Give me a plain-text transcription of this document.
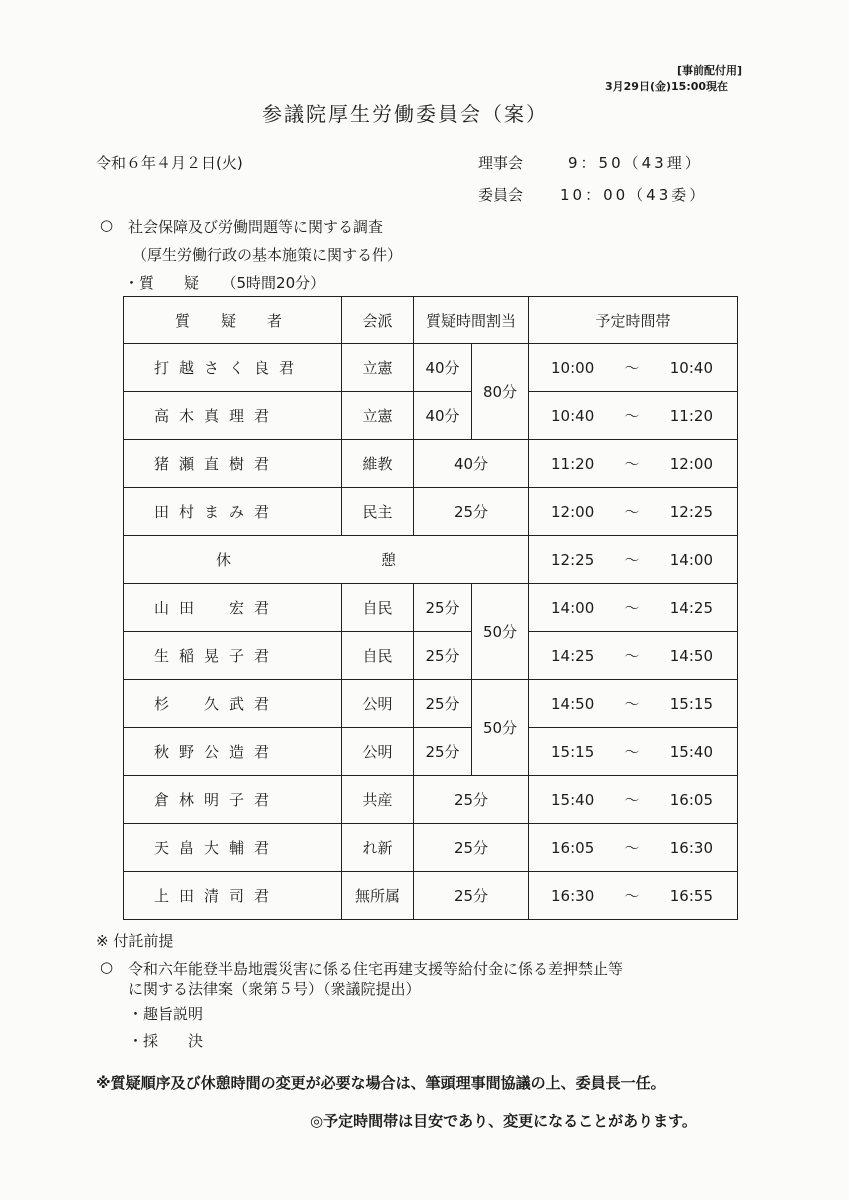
[事前配付用]
3月29日(金)15:00現在
参議院厚生労働委員会（案）
令和６年４月２日(火)	理事会	9：50（43理）
委員会 10：00（43委）
○ 社会保障及び労働問題等に関する調査
（厚生労働行政の基本施策に関する件）
・質　　疑　　（5時間20分）
質　疑　者	会派	質疑時間割当		予定時間帯
打越さく良君	立憲	40分	80分	10:00 〜 10:40

高木真理君	立憲	40分		10:40 〜 11:20

猪瀬直樹君	維教	40分		11:20 〜 12:00

田村まみ君	民主	25分		12:00 〜 12:25

休　　憩				12:25 〜 14:00

山田　宏君	自民	25分	50分	14:00 〜 14:25

生稲晃子君	自民	25分		14:25 〜 14:50

杉　久武君	公明	25分	50分	14:50 〜 15:15

秋野公造君	公明	25分		15:15 〜 15:40

倉林明子君	共産	25分		15:40 〜 16:05

天畠大輔君	れ新	25分		16:05 〜 16:30

上田清司君	無所属	25分		16:30 〜 16:55
※ 付託前提
○ 令和六年能登半島地震災害に係る住宅再建支援等給付金に係る差押禁止等
に関する法律案（衆第５号）（衆議院提出）
・趣旨説明
・採　　決
※質疑順序及び休憩時間の変更が必要な場合は、筆頭理事間協議の上、委員長一任。
◎予定時間帯は目安であり、変更になることがあります。
